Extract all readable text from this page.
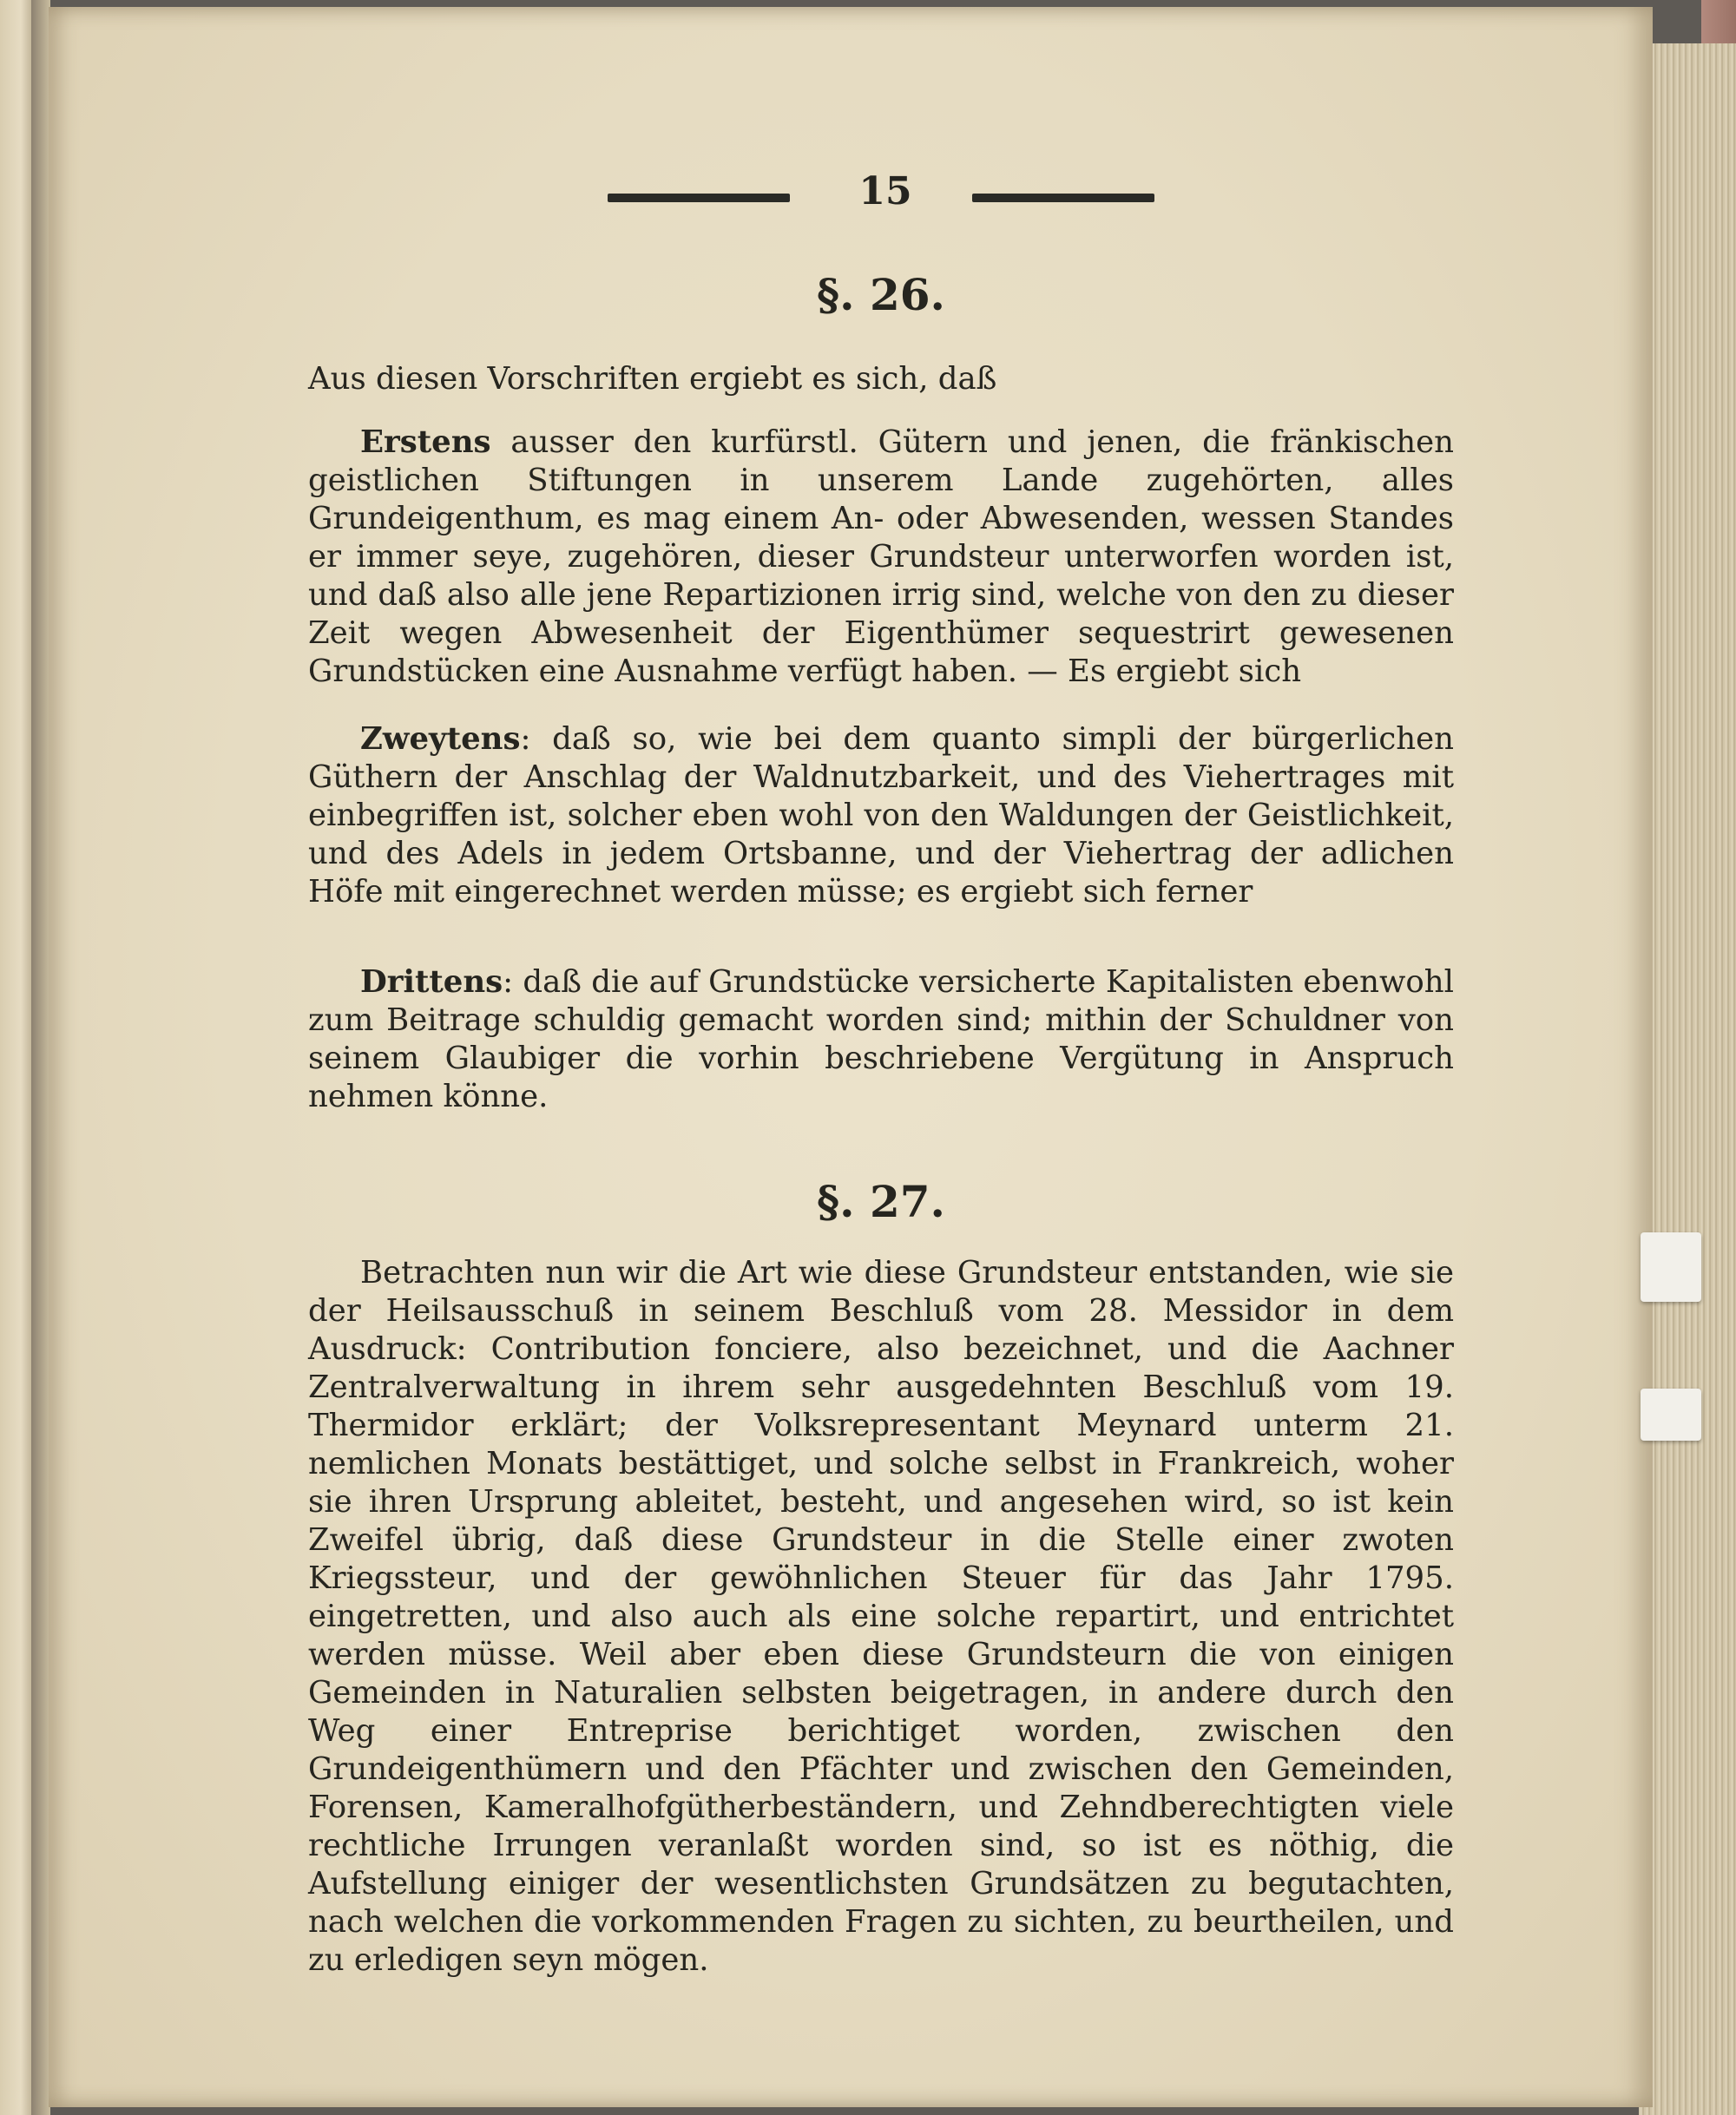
15
§. 26.

Aus diesen Vorschriften ergiebt es sich, daß

Erstens ausser den kurfürstl. Gütern und jenen, die fränkischen geistlichen Stiftungen in unserem Lande zugehörten, alles Grundeigenthum, es mag einem An- oder Abwesenden, wessen Standes er immer seye, zugehören, dieser Grundsteur unterworfen worden ist, und daß also alle jene Repartizionen irrig sind, welche von den zu dieser Zeit wegen Abwesenheit der Eigenthümer sequestrirt gewesenen Grundstücken eine Ausnahme verfügt haben. — Es ergiebt sich

Zweytens: daß so, wie bei dem quanto simpli der bürgerlichen Güthern der Anschlag der Waldnutzbarkeit, und des Viehertrages mit einbegriffen ist, solcher eben wohl von den Waldungen der Geistlichkeit, und des Adels in jedem Ortsbanne, und der Viehertrag der adlichen Höfe mit eingerechnet werden müsse; es ergiebt sich ferner

Drittens: daß die auf Grundstücke versicherte Kapitalisten ebenwohl zum Beitrage schuldig gemacht worden sind; mithin der Schuldner von seinem Glaubiger die vorhin beschriebene Vergütung in Anspruch nehmen könne.

§. 27.

Betrachten nun wir die Art wie diese Grundsteur entstanden, wie sie der Heilsausschuß in seinem Beschluß vom 28. Messidor in dem Ausdruck: Contribution fonciere, also bezeichnet, und die Aachner Zentralverwaltung in ihrem sehr ausgedehnten Beschluß vom 19. Thermidor erklärt; der Volksrepresentant Meynard unterm 21. nemlichen Monats bestättiget, und solche selbst in Frankreich, woher sie ihren Ursprung ableitet, besteht, und angesehen wird, so ist kein Zweifel übrig, daß diese Grundsteur in die Stelle einer zwoten Kriegssteur, und der gewöhnlichen Steuer für das Jahr 1795. eingetretten, und also auch als eine solche repartirt, und entrichtet werden müsse. Weil aber eben diese Grundsteurn die von einigen Gemeinden in Naturalien selbsten beigetragen, in andere durch den Weg einer Entreprise berichtiget worden, zwischen den Grundeigenthümern und den Pfächter und zwischen den Gemeinden, Forensen, Kameralhofgütherbeständern, und Zehndberechtigten viele rechtliche Irrungen veranlaßt worden sind, so ist es nöthig, die Aufstellung einiger der wesentlichsten Grundsätzen zu begutachten, nach welchen die vorkommenden Fragen zu sichten, zu beurtheilen, und zu erledigen seyn mögen.
